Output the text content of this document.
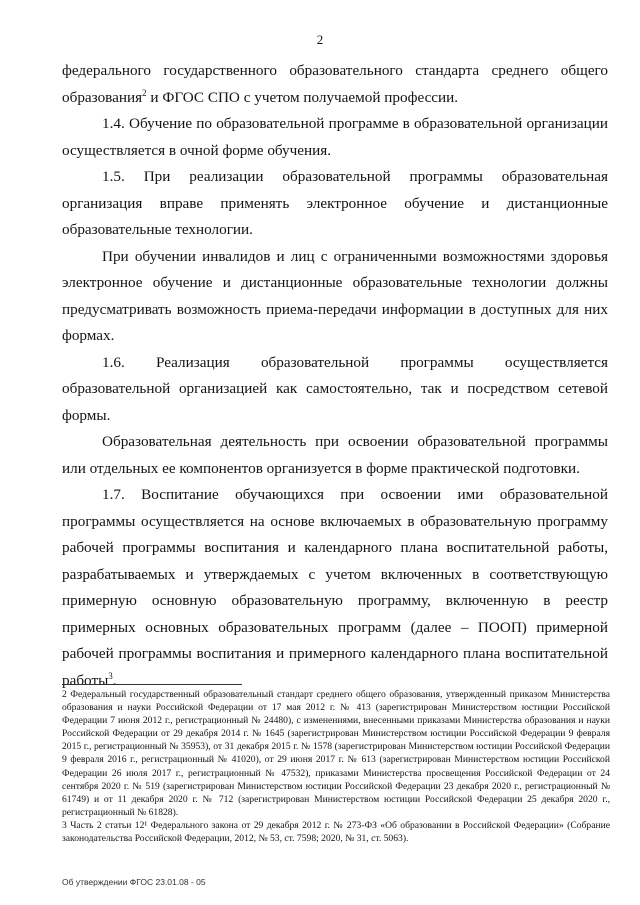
2

федерального государственного образовательного стандарта среднего общего образования$^2$ и ФГОС СПО с учетом получаемой профессии.

1.4. Обучение по образовательной программе в образовательной организации осуществляется в очной форме обучения.

1.5. При реализации образовательной программы образовательная организация вправе применять электронное обучение и дистанционные образовательные технологии.

При обучении инвалидов и лиц с ограниченными возможностями здоровья электронное обучение и дистанционные образовательные технологии должны предусматривать возможность приема-передачи информации в доступных для них формах.

1.6. Реализация образовательной программы осуществляется образовательной организацией как самостоятельно, так и посредством сетевой формы.

Образовательная деятельность при освоении образовательной программы или отдельных ее компонентов организуется в форме практической подготовки.

1.7. Воспитание обучающихся при освоении ими образовательной программы осуществляется на основе включаемых в образовательную программу рабочей программы воспитания и календарного плана воспитательной работы, разрабатываемых и утверждаемых с учетом включенных в соответствующую примерную основную образовательную программу, включенную в реестр примерных основных образовательных программ (далее – ПООП) примерной рабочей программы воспитания и примерного календарного плана воспитательной работы$^3$.

2 Федеральный государственный образовательный стандарт среднего общего образования, утвержденный приказом Министерства образования и науки Российской Федерации от 17 мая 2012 г. № 413 (зарегистрирован Министерством юстиции Российской Федерации 7 июня 2012 г., регистрационный № 24480), с изменениями, внесенными приказами Министерства образования и науки Российской Федерации от 29 декабря 2014 г. № 1645 (зарегистрирован Министерством юстиции Российской Федерации 9 февраля 2015 г., регистрационный № 35953), от 31 декабря 2015 г. № 1578 (зарегистрирован Министерством юстиции Российской Федерации 9 февраля 2016 г., регистрационный № 41020), от 29 июня 2017 г. № 613 (зарегистрирован Министерством юстиции Российской Федерации 26 июля 2017 г., регистрационный № 47532), приказами Министерства просвещения Российской Федерации от 24 сентября 2020 г. № 519 (зарегистрирован Министерством юстиции Российской Федерации 23 декабря 2020 г., регистрационный № 61749) и от 11 декабря 2020 г. № 712 (зарегистрирован Министерством юстиции Российской Федерации 25 декабря 2020 г., регистрационный № 61828).

3 Часть 2 статьи 12¹ Федерального закона от 29 декабря 2012 г. № 273-ФЗ «Об образовании в Российской Федерации» (Собрание законодательства Российской Федерации, 2012, № 53, ст. 7598; 2020, № 31, ст. 5063).

Об утверждении ФГОС 23.01.08 - 05
